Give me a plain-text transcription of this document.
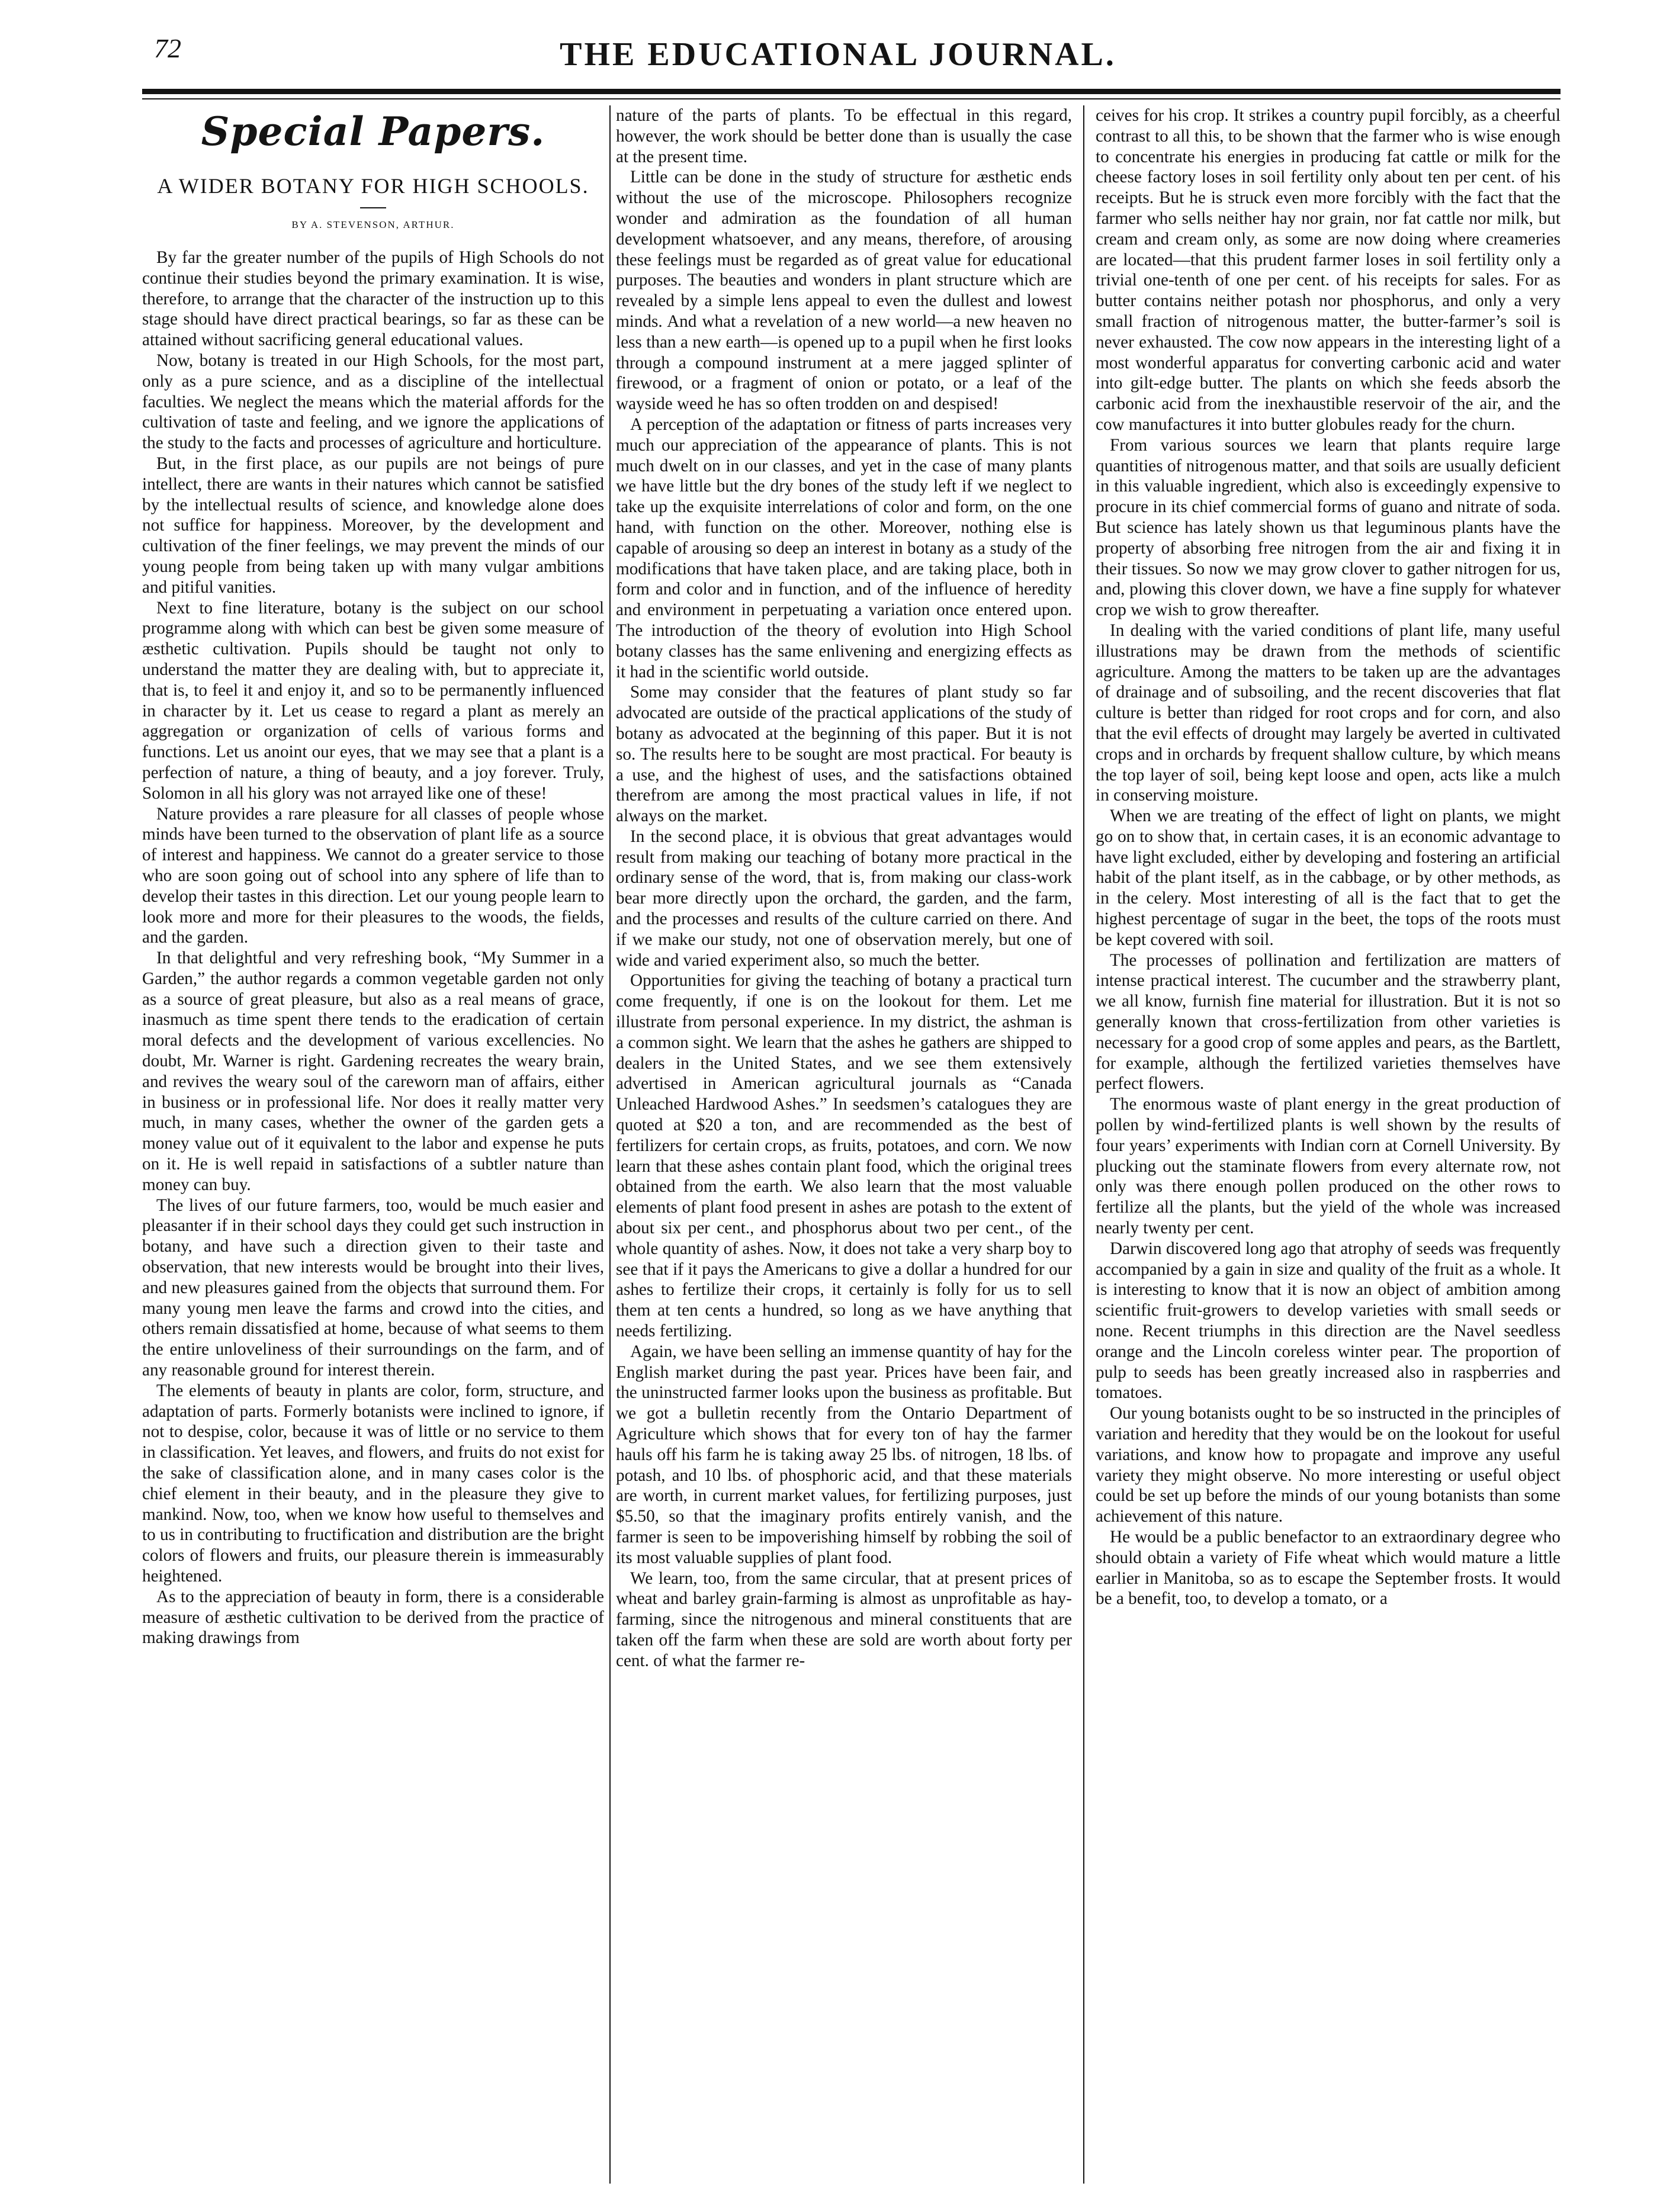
72	THE EDUCATIONAL JOURNAL.
Special Papers.
A WIDER BOTANY FOR HIGH SCHOOLS.
BY A. STEVENSON, ARTHUR.

By far the greater number of the pupils of High Schools do not continue their studies beyond the primary examination. It is wise, therefore, to arrange that the character of the instruction up to this stage should have direct practical bearings, so far as these can be attained without sacrificing general educational values.

Now, botany is treated in our High Schools, for the most part, only as a pure science, and as a discipline of the intellectual faculties. We neglect the means which the material affords for the cultivation of taste and feeling, and we ignore the applications of the study to the facts and processes of agriculture and horticulture.

But, in the first place, as our pupils are not beings of pure intellect, there are wants in their natures which cannot be satisfied by the intellectual results of science, and knowledge alone does not suffice for happiness. Moreover, by the development and cultivation of the finer feelings, we may prevent the minds of our young people from being taken up with many vulgar ambitions and pitiful vanities.

Next to fine literature, botany is the subject on our school programme along with which can best be given some measure of æsthetic cultivation. Pupils should be taught not only to understand the matter they are dealing with, but to appreciate it, that is, to feel it and enjoy it, and so to be permanently influenced in character by it. Let us cease to regard a plant as merely an aggregation or organization of cells of various forms and functions. Let us anoint our eyes, that we may see that a plant is a perfection of nature, a thing of beauty, and a joy forever. Truly, Solomon in all his glory was not arrayed like one of these!

Nature provides a rare pleasure for all classes of people whose minds have been turned to the observation of plant life as a source of interest and happiness. We cannot do a greater service to those who are soon going out of school into any sphere of life than to develop their tastes in this direction. Let our young people learn to look more and more for their pleasures to the woods, the fields, and the garden.

In that delightful and very refreshing book, “My Summer in a Garden,” the author regards a common vegetable garden not only as a source of great pleasure, but also as a real means of grace, inasmuch as time spent there tends to the eradication of certain moral defects and the development of various excellencies. No doubt, Mr. Warner is right. Gardening recreates the weary brain, and revives the weary soul of the careworn man of affairs, either in business or in professional life. Nor does it really matter very much, in many cases, whether the owner of the garden gets a money value out of it equivalent to the labor and expense he puts on it. He is well repaid in satisfactions of a subtler nature than money can buy.

The lives of our future farmers, too, would be much easier and pleasanter if in their school days they could get such instruction in botany, and have such a direction given to their taste and observation, that new interests would be brought into their lives, and new pleasures gained from the objects that surround them. For many young men leave the farms and crowd into the cities, and others remain dissatisfied at home, because of what seems to them the entire unloveliness of their surroundings on the farm, and of any reasonable ground for interest therein.

The elements of beauty in plants are color, form, structure, and adaptation of parts. Formerly botanists were inclined to ignore, if not to despise, color, because it was of little or no service to them in classification. Yet leaves, and flowers, and fruits do not exist for the sake of classification alone, and in many cases color is the chief element in their beauty, and in the pleasure they give to mankind. Now, too, when we know how useful to themselves and to us in contributing to fructification and distribution are the bright colors of flowers and fruits, our pleasure therein is immeasurably heightened.

As to the appreciation of beauty in form, there is a considerable measure of æsthetic cultivation to be derived from the practice of making drawings from

nature of the parts of plants. To be effectual in this regard, however, the work should be better done than is usually the case at the present time.

Little can be done in the study of structure for æsthetic ends without the use of the microscope. Philosophers recognize wonder and admiration as the foundation of all human development whatsoever, and any means, therefore, of arousing these feelings must be regarded as of great value for educational purposes. The beauties and wonders in plant structure which are revealed by a simple lens appeal to even the dullest and lowest minds. And what a revelation of a new world—a new heaven no less than a new earth—is opened up to a pupil when he first looks through a compound instrument at a mere jagged splinter of firewood, or a fragment of onion or potato, or a leaf of the wayside weed he has so often trodden on and despised!

A perception of the adaptation or fitness of parts increases very much our appreciation of the appearance of plants. This is not much dwelt on in our classes, and yet in the case of many plants we have little but the dry bones of the study left if we neglect to take up the exquisite interrelations of color and form, on the one hand, with function on the other. Moreover, nothing else is capable of arousing so deep an interest in botany as a study of the modifications that have taken place, and are taking place, both in form and color and in function, and of the influence of heredity and environment in perpetuating a variation once entered upon. The introduction of the theory of evolution into High School botany classes has the same enlivening and energizing effects as it had in the scientific world outside.

Some may consider that the features of plant study so far advocated are outside of the practical applications of the study of botany as advocated at the beginning of this paper. But it is not so. The results here to be sought are most practical. For beauty is a use, and the highest of uses, and the satisfactions obtained therefrom are among the most practical values in life, if not always on the market.

In the second place, it is obvious that great advantages would result from making our teaching of botany more practical in the ordinary sense of the word, that is, from making our class-work bear more directly upon the orchard, the garden, and the farm, and the processes and results of the culture carried on there. And if we make our study, not one of observation merely, but one of wide and varied experiment also, so much the better.

Opportunities for giving the teaching of botany a practical turn come frequently, if one is on the lookout for them. Let me illustrate from personal experience. In my district, the ashman is a common sight. We learn that the ashes he gathers are shipped to dealers in the United States, and we see them extensively advertised in American agricultural journals as “Canada Unleached Hardwood Ashes.” In seedsmen’s catalogues they are quoted at $20 a ton, and are recommended as the best of fertilizers for certain crops, as fruits, potatoes, and corn. We now learn that these ashes contain plant food, which the original trees obtained from the earth. We also learn that the most valuable elements of plant food present in ashes are potash to the extent of about six per cent., and phosphorus about two per cent., of the whole quantity of ashes. Now, it does not take a very sharp boy to see that if it pays the Americans to give a dollar a hundred for our ashes to fertilize their crops, it certainly is folly for us to sell them at ten cents a hundred, so long as we have anything that needs fertilizing.

Again, we have been selling an immense quantity of hay for the English market during the past year. Prices have been fair, and the uninstructed farmer looks upon the business as profitable. But we got a bulletin recently from the Ontario Department of Agriculture which shows that for every ton of hay the farmer hauls off his farm he is taking away 25 lbs. of nitrogen, 18 lbs. of potash, and 10 lbs. of phosphoric acid, and that these materials are worth, in current market values, for fertilizing purposes, just $5.50, so that the imaginary profits entirely vanish, and the farmer is seen to be impoverishing himself by robbing the soil of its most valuable supplies of plant food.

We learn, too, from the same circular, that at present prices of wheat and barley grain-farming is almost as unprofitable as hay-farming, since the nitrogenous and mineral constituents that are taken off the farm when these are sold are worth about forty per cent. of what the farmer re-

ceives for his crop. It strikes a country pupil forcibly, as a cheerful contrast to all this, to be shown that the farmer who is wise enough to concentrate his energies in producing fat cattle or milk for the cheese factory loses in soil fertility only about ten per cent. of his receipts. But he is struck even more forcibly with the fact that the farmer who sells neither hay nor grain, nor fat cattle nor milk, but cream and cream only, as some are now doing where creameries are located—that this prudent farmer loses in soil fertility only a trivial one-tenth of one per cent. of his receipts for sales. For as butter contains neither potash nor phosphorus, and only a very small fraction of nitrogenous matter, the butter-farmer’s soil is never exhausted. The cow now appears in the interesting light of a most wonderful apparatus for converting carbonic acid and water into gilt-edge butter. The plants on which she feeds absorb the carbonic acid from the inexhaustible reservoir of the air, and the cow manufactures it into butter globules ready for the churn.

From various sources we learn that plants require large quantities of nitrogenous matter, and that soils are usually deficient in this valuable ingredient, which also is exceedingly expensive to procure in its chief commercial forms of guano and nitrate of soda. But science has lately shown us that leguminous plants have the property of absorbing free nitrogen from the air and fixing it in their tissues. So now we may grow clover to gather nitrogen for us, and, plowing this clover down, we have a fine supply for whatever crop we wish to grow thereafter.

In dealing with the varied conditions of plant life, many useful illustrations may be drawn from the methods of scientific agriculture. Among the matters to be taken up are the advantages of drainage and of subsoiling, and the recent discoveries that flat culture is better than ridged for root crops and for corn, and also that the evil effects of drought may largely be averted in cultivated crops and in orchards by frequent shallow culture, by which means the top layer of soil, being kept loose and open, acts like a mulch in conserving moisture.

When we are treating of the effect of light on plants, we might go on to show that, in certain cases, it is an economic advantage to have light excluded, either by developing and fostering an artificial habit of the plant itself, as in the cabbage, or by other methods, as in the celery. Most interesting of all is the fact that to get the highest percentage of sugar in the beet, the tops of the roots must be kept covered with soil.

The processes of pollination and fertilization are matters of intense practical interest. The cucumber and the strawberry plant, we all know, furnish fine material for illustration. But it is not so generally known that cross-fertilization from other varieties is necessary for a good crop of some apples and pears, as the Bartlett, for example, although the fertilized varieties themselves have perfect flowers.

The enormous waste of plant energy in the great production of pollen by wind-fertilized plants is well shown by the results of four years’ experiments with Indian corn at Cornell University. By plucking out the staminate flowers from every alternate row, not only was there enough pollen produced on the other rows to fertilize all the plants, but the yield of the whole was increased nearly twenty per cent.

Darwin discovered long ago that atrophy of seeds was frequently accompanied by a gain in size and quality of the fruit as a whole. It is interesting to know that it is now an object of ambition among scientific fruit-growers to develop varieties with small seeds or none. Recent triumphs in this direction are the Navel seedless orange and the Lincoln coreless winter pear. The proportion of pulp to seeds has been greatly increased also in raspberries and tomatoes.

Our young botanists ought to be so instructed in the principles of variation and heredity that they would be on the lookout for useful variations, and know how to propagate and improve any useful variety they might observe. No more interesting or useful object could be set up before the minds of our young botanists than some achievement of this nature.

He would be a public benefactor to an extraordinary degree who should obtain a variety of Fife wheat which would mature a little earlier in Manitoba, so as to escape the September frosts. It would be a benefit, too, to develop a tomato, or a
